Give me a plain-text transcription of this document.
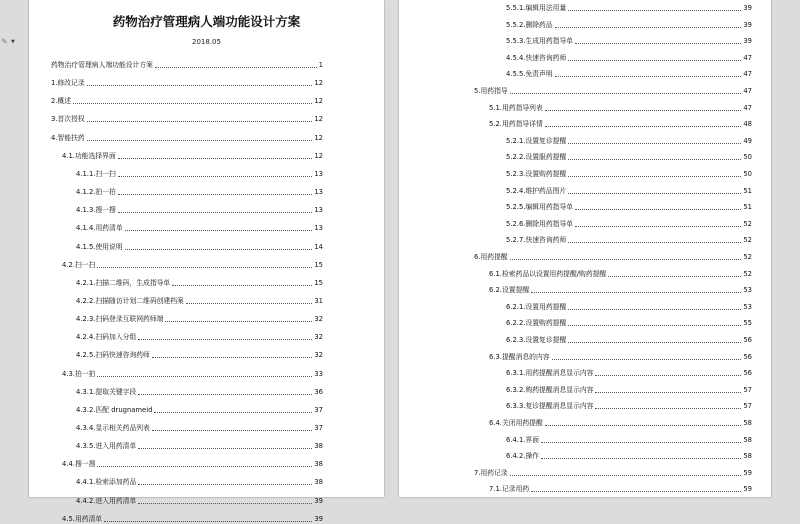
药物治疗管理病人端功能设计方案
2018.05
药物治疗管理病人端功能设计方案	1
1.修改记录	12
2.概述	12
3.首次授权	12
4.智能扶药	12
4.1.功能选择界面	12
4.1.1.扫一扫	13
4.1.2.拍一拍	13
4.1.3.搜一搜	13
4.1.4.用药清单	13
4.1.5.使用说明	14
4.2.扫一扫	15
4.2.1.扫描二维码，生成指导单	15
4.2.2.扫描随访计划二维码创建档案	31
4.2.3.扫码登录互联网药师端	32
4.2.4.扫码加入分组	32
4.2.5.扫码快速咨询药师	32
4.3.拍一拍	33
4.3.1.提取关键字段	36
4.3.2.匹配 drugnameid	37
4.3.4.显示相关药品列表	37
4.3.5.进入用药清单	38
4.4.搜一搜	38
4.4.1.检索添加药品	38
4.4.2.进入用药清单	39
4.5.用药清单	39
5.5.1.编辑用法用量	39
5.5.2.删除药品	39
5.5.3.生成用药指导单	39
4.5.4.快速咨询药师	47
4.5.5.免责声明	47
5.用药指导	47
5.1.用药指导列表	47
5.2.用药指导详情	48
5.2.1.设置复诊提醒	49
5.2.2.设置服药提醒	50
5.2.3.设置购药提醒	50
5.2.4.维护药品图片	51
5.2.5.编辑用药指导单	51
5.2.6.删除用药指导单	52
5.2.7.快速咨询药师	52
6.用药提醒	52
6.1.检索药品以设置用药提醒/购药提醒	52
6.2.设置提醒	53
6.2.1.设置用药提醒	53
6.2.2.设置购药提醒	55
6.2.3.设置复诊提醒	56
6.3.提醒消息的内容	56
6.3.1.用药提醒消息显示内容	56
6.3.2.购药提醒消息显示内容	57
6.3.3.复诊提醒消息显示内容	57
6.4.关闭用药提醒	58
6.4.1.界面	58
6.4.2.操作	58
7.用药记录	59
7.1.记录用药	59
✎ ▼
